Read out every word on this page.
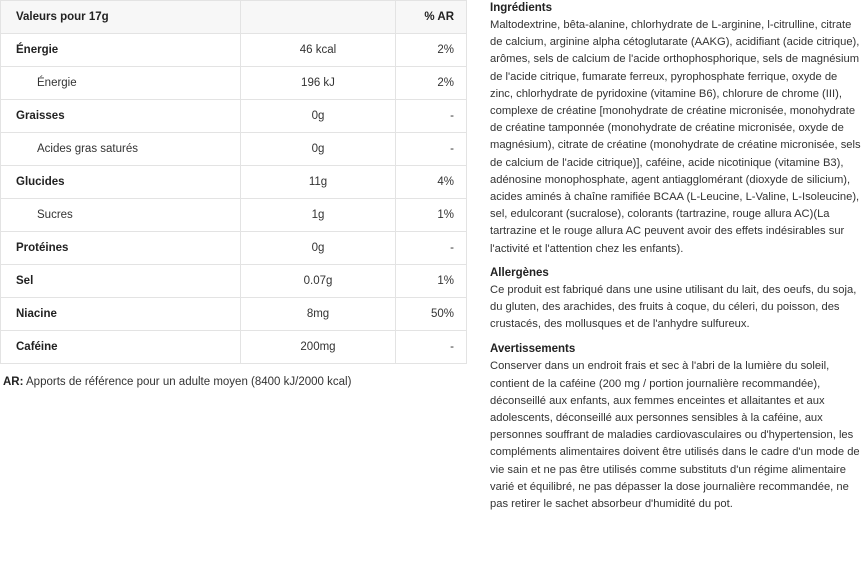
Valeurs pour 17g		% AR
Énergie	46 kcal	2%
Énergie	196 kJ	2%
Graisses	0g	-
Acides gras saturés	0g	-
Glucides	11g	4%
Sucres	1g	1%
Protéines	0g	-
Sel	0.07g	1%
Niacine	8mg	50%
Caféine	200mg	-
AR: Apports de référence pour un adulte moyen (8400 kJ/2000 kcal)
Ingrédients

Maltodextrine, bêta-alanine, chlorhydrate de L-arginine, l-citrulline, citrate de calcium, arginine alpha cétoglutarate (AAKG), acidifiant (acide citrique), arômes, sels de calcium de l'acide orthophosphorique, sels de magnésium de l'acide citrique, fumarate ferreux, pyrophosphate ferrique, oxyde de zinc, chlorhydrate de pyridoxine (vitamine B6), chlorure de chrome (III), complexe de créatine [monohydrate de créatine micronisée, monohydrate de créatine tamponnée (monohydrate de créatine micronisée, oxyde de magnésium), citrate de créatine (monohydrate de créatine micronisée, sels de calcium de l'acide citrique)], caféine, acide nicotinique (vitamine B3), adénosine monophosphate, agent antiagglomérant (dioxyde de silicium), acides aminés à chaîne ramifiée BCAA (L-Leucine, L-Valine, L-Isoleucine), sel, edulcorant (sucralose), colorants (tartrazine, rouge allura AC)(La tartrazine et le rouge allura AC peuvent avoir des effets indésirables sur l'activité et l'attention chez les enfants).

Allergènes

Ce produit est fabriqué dans une usine utilisant du lait, des oeufs, du soja, du gluten, des arachides, des fruits à coque, du céleri, du poisson, des crustacés, des mollusques et de l'anhydre sulfureux.

Avertissements

Conserver dans un endroit frais et sec à l'abri de la lumière du soleil, contient de la caféine (200 mg / portion journalière recommandée), déconseillé aux enfants, aux femmes enceintes et allaitantes et aux adolescents, déconseillé aux personnes sensibles à la caféine, aux personnes souffrant de maladies cardiovasculaires ou d'hypertension, les compléments alimentaires doivent être utilisés dans le cadre d'un mode de vie sain et ne pas être utilisés comme substituts d'un régime alimentaire varié et équilibré, ne pas dépasser la dose journalière recommandée, ne pas retirer le sachet absorbeur d'humidité du pot.
